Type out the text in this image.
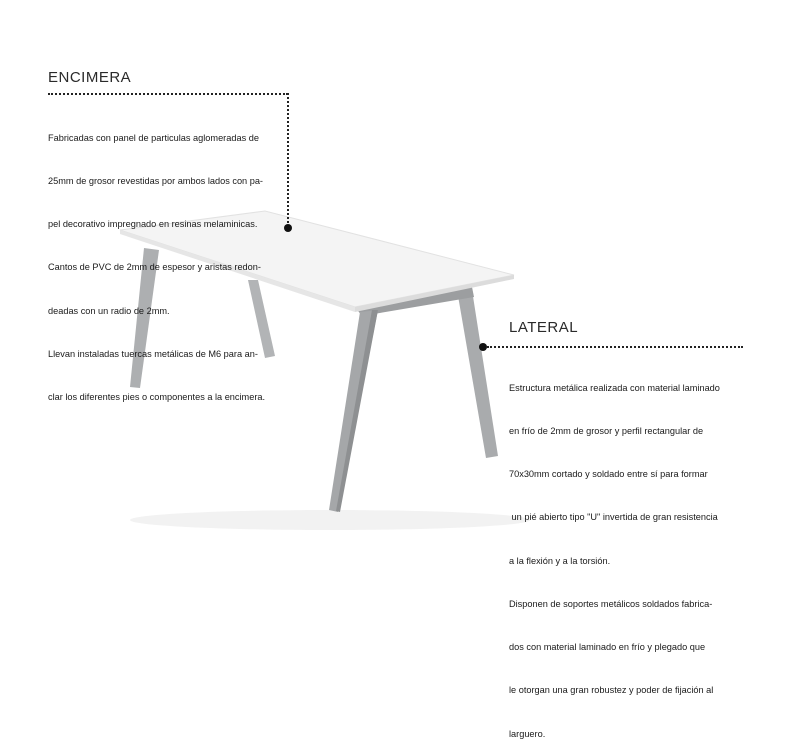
ENCIMERA

Fabricadas con panel de particulas aglomeradas de

25mm de grosor revestidas por ambos lados con pa-

pel decorativo impregnado en resinas melaminicas.

Cantos de PVC de 2mm de espesor y aristas redon-

deadas con un radio de 2mm.

Llevan instaladas tuercas metálicas de M6 para an-

clar los diferentes pies o componentes a la encimera.

LATERAL

Estructura metálica realizada con material laminado

en frío de 2mm de grosor y perfil rectangular de

70x30mm cortado y soldado entre sí para formar

un pié abierto tipo "U" invertida de gran resistencia

a la flexión y a la torsión.

Disponen de soportes metálicos soldados fabrica-

dos con material laminado en frío y plegado que

le otorgan una gran robustez y poder de fijación al

larguero.
